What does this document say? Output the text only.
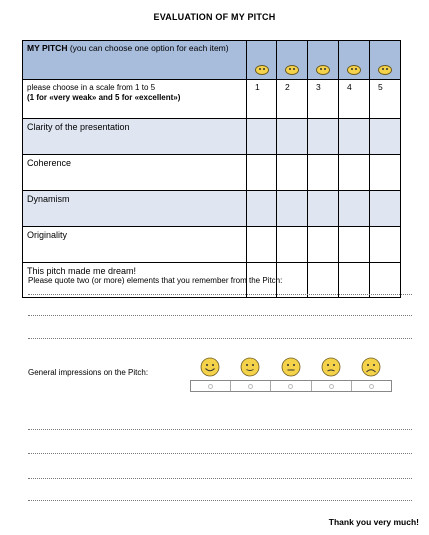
EVALUATION OF MY PITCH
MY PITCH (you can choose one option for each item)					

please choose in a scale from 1 to 5
(1 for «very weak» and 5 for «excellent»)	1	2	3	4	5
Clarity of the presentation					
Coherence					
Dynamism					
Originality					
This pitch made me dream!					
Please quote two (or more) elements that you remember from the Pitch:
General impressions on the Pitch:
Thank you very much!
